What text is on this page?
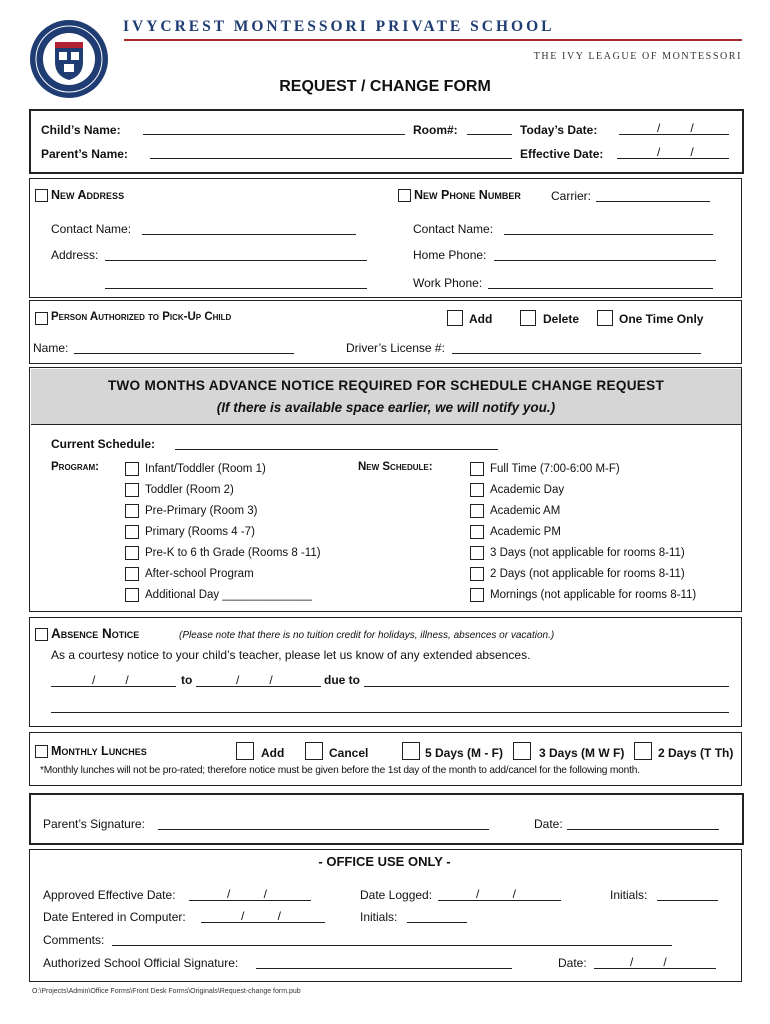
IVYCREST MONTESSORI PRIVATE SCHOOL
THE IVY LEAGUE OF MONTESSORI
REQUEST / CHANGE FORM
Child’s Name:	Room#:	Today’s Date:	/         /
Parent’s Name:	Effective Date:	/         /
New Address	New Phone Number	Carrier:
Contact Name:
Address:
Contact Name:
Home Phone:
Work Phone:
Person Authorized to Pick-Up Child	Add	Delete	One Time Only
Name:	Driver’s License #:
TWO MONTHS ADVANCE NOTICE REQUIRED FOR SCHEDULE CHANGE REQUEST
(If there is available space earlier, we will notify you.)
Current Schedule:
Program:	New Schedule:
Infant/Toddler (Room 1)
Toddler (Room 2)
Pre-Primary (Room 3)
Primary (Rooms 4 -7)
Pre-K to 6 th Grade (Rooms 8 -11)
After-school Program
Additional Day ______________
Full Time (7:00-6:00 M-F)
Academic Day
Academic AM
Academic PM
3 Days (not applicable for rooms 8-11)
2 Days (not applicable for rooms 8-11)
Mornings (not applicable for rooms 8-11)
Absence Notice	(Please note that there is no tuition credit for holidays, illness, absences or vacation.)
As a courtesy notice to your child’s teacher, please let us know of any extended absences.
/         /	to	/         /	due to
Monthly Lunches	Add	Cancel	5 Days (M - F)	3 Days (M W F)	2 Days (T Th)
*Monthly lunches will not be pro-rated; therefore notice must be given before the 1st day of the month to add/cancel for the following month.
Parent’s Signature:	Date:
- OFFICE USE ONLY -
Approved Effective Date:	/          /	Date Logged:	/          /	Initials:
Date Entered in Computer:	/          /	Initials:
Comments:
Authorized School Official Signature:	Date:	/         /
O:\Projects\Admin\Office Forms\Front Desk Forms\Originals\Request-change form.pub
